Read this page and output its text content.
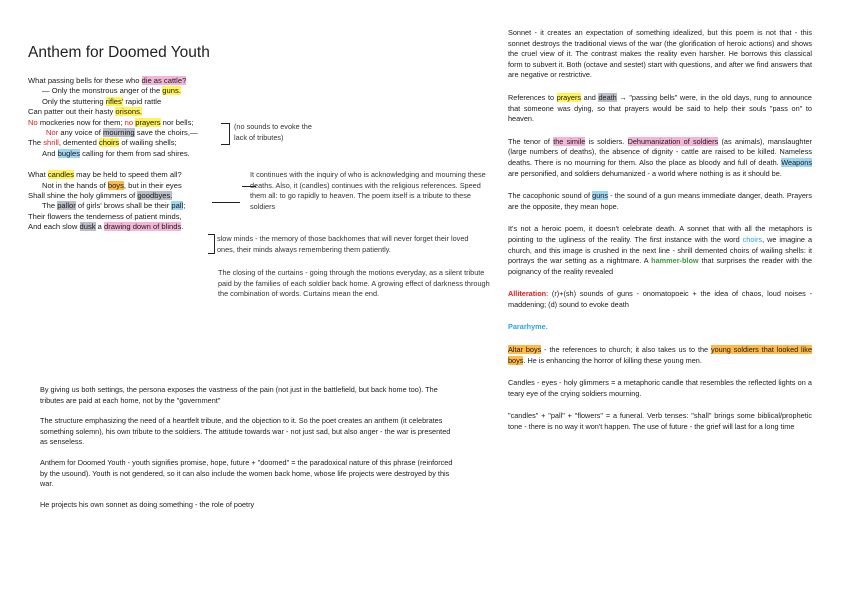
Anthem for Doomed Youth
What passing bells for these who die as cattle?
— Only the monstrous anger of the guns.
Only the stuttering rifles' rapid rattle
Can patter out their hasty orisons.
No mockeries now for them; no prayers nor bells;
Nor any voice of mourning save the choirs,—
The shrill, demented choirs of wailing shells;
And bugles calling for them from sad shires.
What candles may be held to speed them all?
Not in the hands of boys, but in their eyes
Shall shine the holy glimmers of goodbyes.
The pallor of girls' brows shall be their pall;
Their flowers the tenderness of patient minds,
And each slow dusk a drawing down of blinds.
(no sounds to evoke the lack of tributes)
It continues with the inquiry of who is acknowledging and mourning these deaths. Also, it (candles) continues with the religious references. Speed them all: to go rapidly to heaven. The poem itself is a tribute to these soldiers
slow minds - the memory of those backhomes that will never forget their loved ones, their minds always remembering them patiently.
The closing of the curtains - going through the motions everyday, as a silent tribute paid by the families of each soldier back home. A growing effect of darkness through the combination of words. Curtains mean the end.

By giving us both settings, the persona exposes the vastness of the pain (not just in the battlefield, but back home too). The tributes are paid at each home, not by the "government"

The structure emphasizing the need of a heartfelt tribute, and the objection to it. So the poet creates an anthem (it celebrates something solemn), his own tribute to the soldiers. The attitude towards war - not just sad, but also anger - the war is presented as senseless.

Anthem for Doomed Youth - youth signifies promise, hope, future + "doomed" = the paradoxical nature of this phrase (reinforced by the usound). Youth is not gendered, so it can also include the women back home, whose life projects were destroyed by this war.

He projects his own sonnet as doing something - the role of poetry

Sonnet - it creates an expectation of something idealized, but this poem is not that - this sonnet destroys the traditional views of the war (the glorification of heroic actions) and shows the cruel view of it. The contrast makes the reality even harsher. He borrows this classical form to subvert it. Both (octave and sestet) start with questions, and after we find answers that are negative or restrictive.

References to prayers and death → "passing bells" were, in the old days, rung to announce that someone was dying, so that prayers would be said to help their souls "pass on" to heaven.

The tenor of the simile is soldiers. Dehumanization of soldiers (as animals), manslaughter (large numbers of deaths), the absence of dignity - cattle are raised to be killed. Nameless deaths. There is no mourning for them. Also the place as bloody and full of death. Weapons are personified, and soldiers dehumanized - a world where nothing is as it should be.

The cacophonic sound of guns - the sound of a gun means immediate danger, death. Prayers are the opposite, they mean hope.

It's not a heroic poem, it doesn't celebrate death. A sonnet that with all the metaphors is pointing to the ugliness of the reality. The first instance with the word choirs, we imagine a church, and this image is crushed in the next line - shrill demented choirs of wailing shells: it portrays the war setting as a nightmare. A hammer-blow that surprises the reader with the poignancy of the reality revealed

Alliteration: (r)+(sh) sounds of guns - onomatopoeic + the idea of chaos, loud noises - maddening; (d) sound to evoke death

Pararhyme.

Altar boys - the references to church; it also takes us to the young soldiers that looked like boys. He is enhancing the horror of killing these young men.

Candles - eyes - holy glimmers = a metaphoric candle that resembles the reflected lights on a teary eye of the crying soldiers mourning.

"candles" + "pall" + "flowers" = a funeral. Verb tenses: "shall" brings some biblical/prophetic tone - there is no way it won't happen. The use of future - the grief will last for a long time
